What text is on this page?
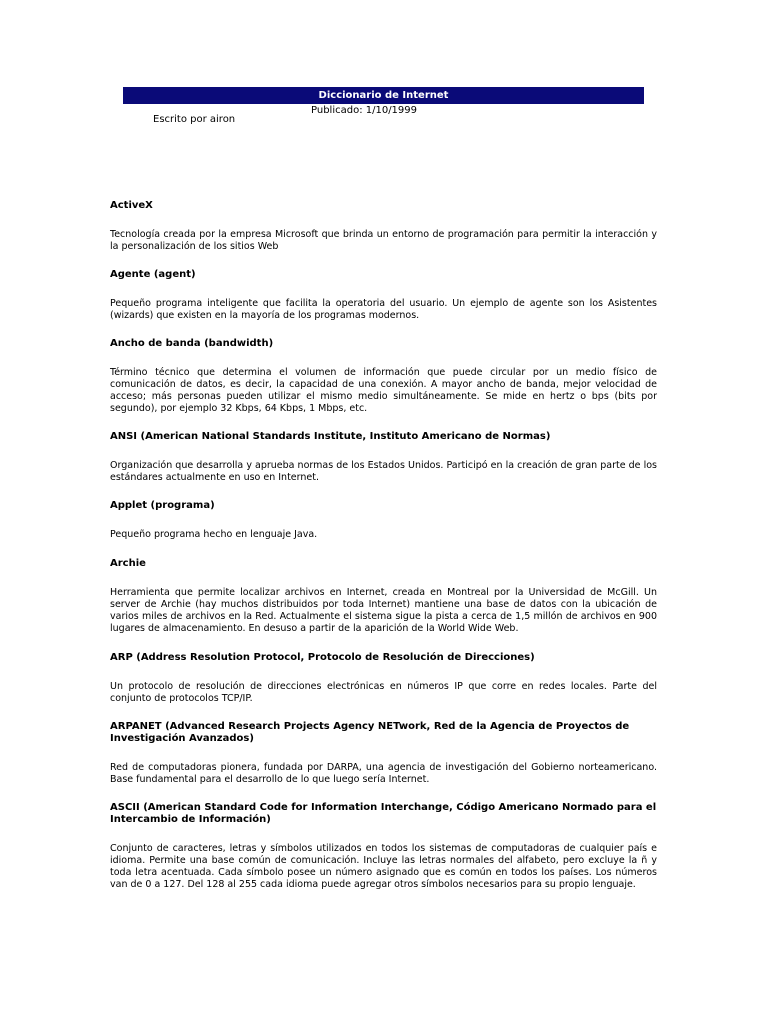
Diccionario de Internet
Publicado: 1/10/1999
Escrito por airon

ActiveX

Tecnología creada por la empresa Microsoft que brinda un entorno de programación para permitir la interacción y la personalización de los sitios Web

Agente (agent)

Pequeño programa inteligente que facilita la operatoria del usuario. Un ejemplo de agente son los Asistentes (wizards) que existen en la mayoría de los programas modernos.

Ancho de banda (bandwidth)

Término técnico que determina el volumen de información que puede circular por un medio físico de comunicación de datos, es decir, la capacidad de una conexión. A mayor ancho de banda, mejor velocidad de acceso; más personas pueden utilizar el mismo medio simultáneamente. Se mide en hertz o bps (bits por segundo), por ejemplo 32 Kbps, 64 Kbps, 1 Mbps, etc.

ANSI (American National Standards Institute, Instituto Americano de Normas)

Organización que desarrolla y aprueba normas de los Estados Unidos. Participó en la creación de gran parte de los estándares actualmente en uso en Internet.

Applet (programa)

Pequeño programa hecho en lenguaje Java.

Archie

Herramienta que permite localizar archivos en Internet, creada en Montreal por la Universidad de McGill. Un server de Archie (hay muchos distribuidos por toda Internet) mantiene una base de datos con la ubicación de varios miles de archivos en la Red. Actualmente el sistema sigue la pista a cerca de 1,5 millón de archivos en 900 lugares de almacenamiento. En desuso a partir de la aparición de la World Wide Web.

ARP (Address Resolution Protocol, Protocolo de Resolución de Direcciones)

Un protocolo de resolución de direcciones electrónicas en números IP que corre en redes locales. Parte del conjunto de protocolos TCP/IP.

ARPANET (Advanced Research Projects Agency NETwork, Red de la Agencia de Proyectos de Investigación Avanzados)

Red de computadoras pionera, fundada por DARPA, una agencia de investigación del Gobierno norteamericano. Base fundamental para el desarrollo de lo que luego sería Internet.

ASCII (American Standard Code for Information Interchange, Código Americano Normado para el Intercambio de Información)

Conjunto de caracteres, letras y símbolos utilizados en todos los sistemas de computadoras de cualquier país e idioma. Permite una base común de comunicación. Incluye las letras normales del alfabeto, pero excluye la ñ y toda letra acentuada. Cada símbolo posee un número asignado que es común en todos los países. Los números van de 0 a 127. Del 128 al 255 cada idioma puede agregar otros símbolos necesarios para su propio lenguaje.
